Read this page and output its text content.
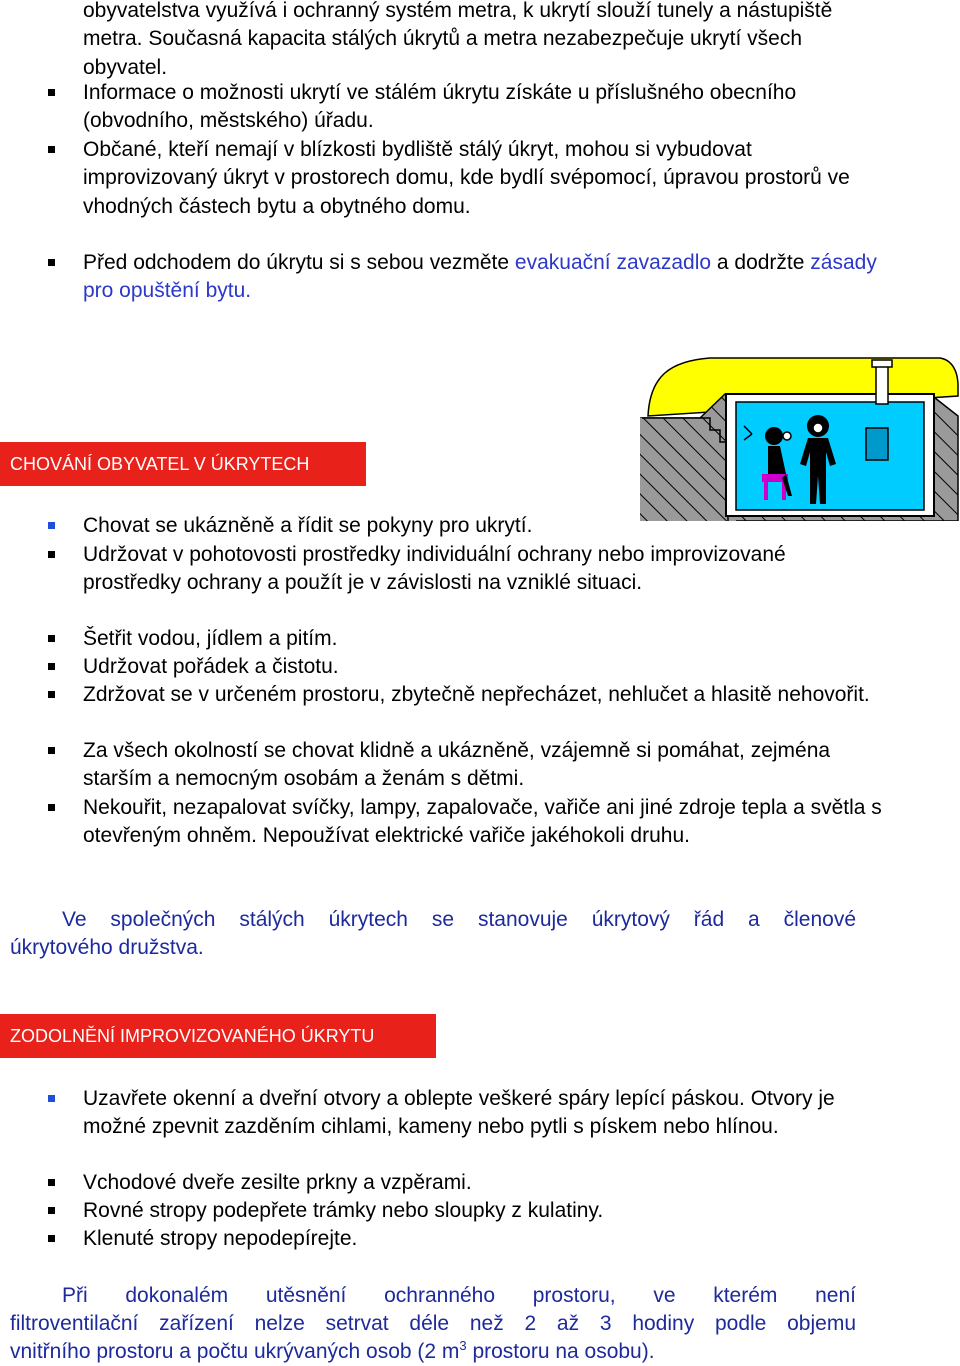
obyvatelstva využívá i ochranný systém metra, k ukrytí slouží tunely a nástupiště metra. Současná kapacita stálých úkrytů a metra nezabezpečuje ukrytí všech obyvatel.

Informace o možnosti ukrytí ve stálém úkrytu získáte u příslušného obecního (obvodního, městského) úřadu.

Občané, kteří nemají v blízkosti bydliště stálý úkryt, mohou si vybudovat improvizovaný úkryt v prostorech domu, kde bydlí svépomocí, úpravou prostorů ve vhodných částech bytu a obytného domu.

Před odchodem do úkrytu si s sebou vezměte evakuační zavazadlo a dodržte zásady pro opuštění bytu.

CHOVÁNÍ OBYVATEL V ÚKRYTECH

Chovat se ukázněně a řídit se pokyny pro ukrytí.

Udržovat v pohotovosti prostředky individuální ochrany nebo improvizované prostředky ochrany a použít je v závislosti na vzniklé situaci.

Šetřit vodou, jídlem a pitím.

Udržovat pořádek a čistotu.

Zdržovat se v určeném prostoru, zbytečně nepřecházet, nehlučet a hlasitě nehovořit.

Za všech okolností se chovat klidně a ukázněně, vzájemně si pomáhat, zejména starším a nemocným osobám a ženám s dětmi.

Nekouřit, nezapalovat svíčky, lampy, zapalovače, vařiče ani jiné zdroje tepla a světla s otevřeným ohněm. Nepoužívat elektrické vařiče jakéhokoli druhu.

Ve společných stálých úkrytech se stanovuje úkrytový řád a členové
úkrytového družstva.
ZODOLNĚNÍ IMPROVIZOVANÉHO ÚKRYTU

Uzavřete okenní a dveřní otvory a oblepte veškeré spáry lepící páskou. Otvory je možné zpevnit zazděním cihlami, kameny nebo pytli s pískem nebo hlínou.

Vchodové dveře zesilte prkny a vzpěrami.

Rovné stropy podepřete trámky nebo sloupky z kulatiny.

Klenuté stropy nepodepírejte.

Při dokonalém utěsnění ochranného prostoru, ve kterém není
filtroventilační zařízení nelze setrvat déle než 2 až 3 hodiny podle objemu
vnitřního prostoru a počtu ukrývaných osob (2 $m^3$ prostoru na osobu).
